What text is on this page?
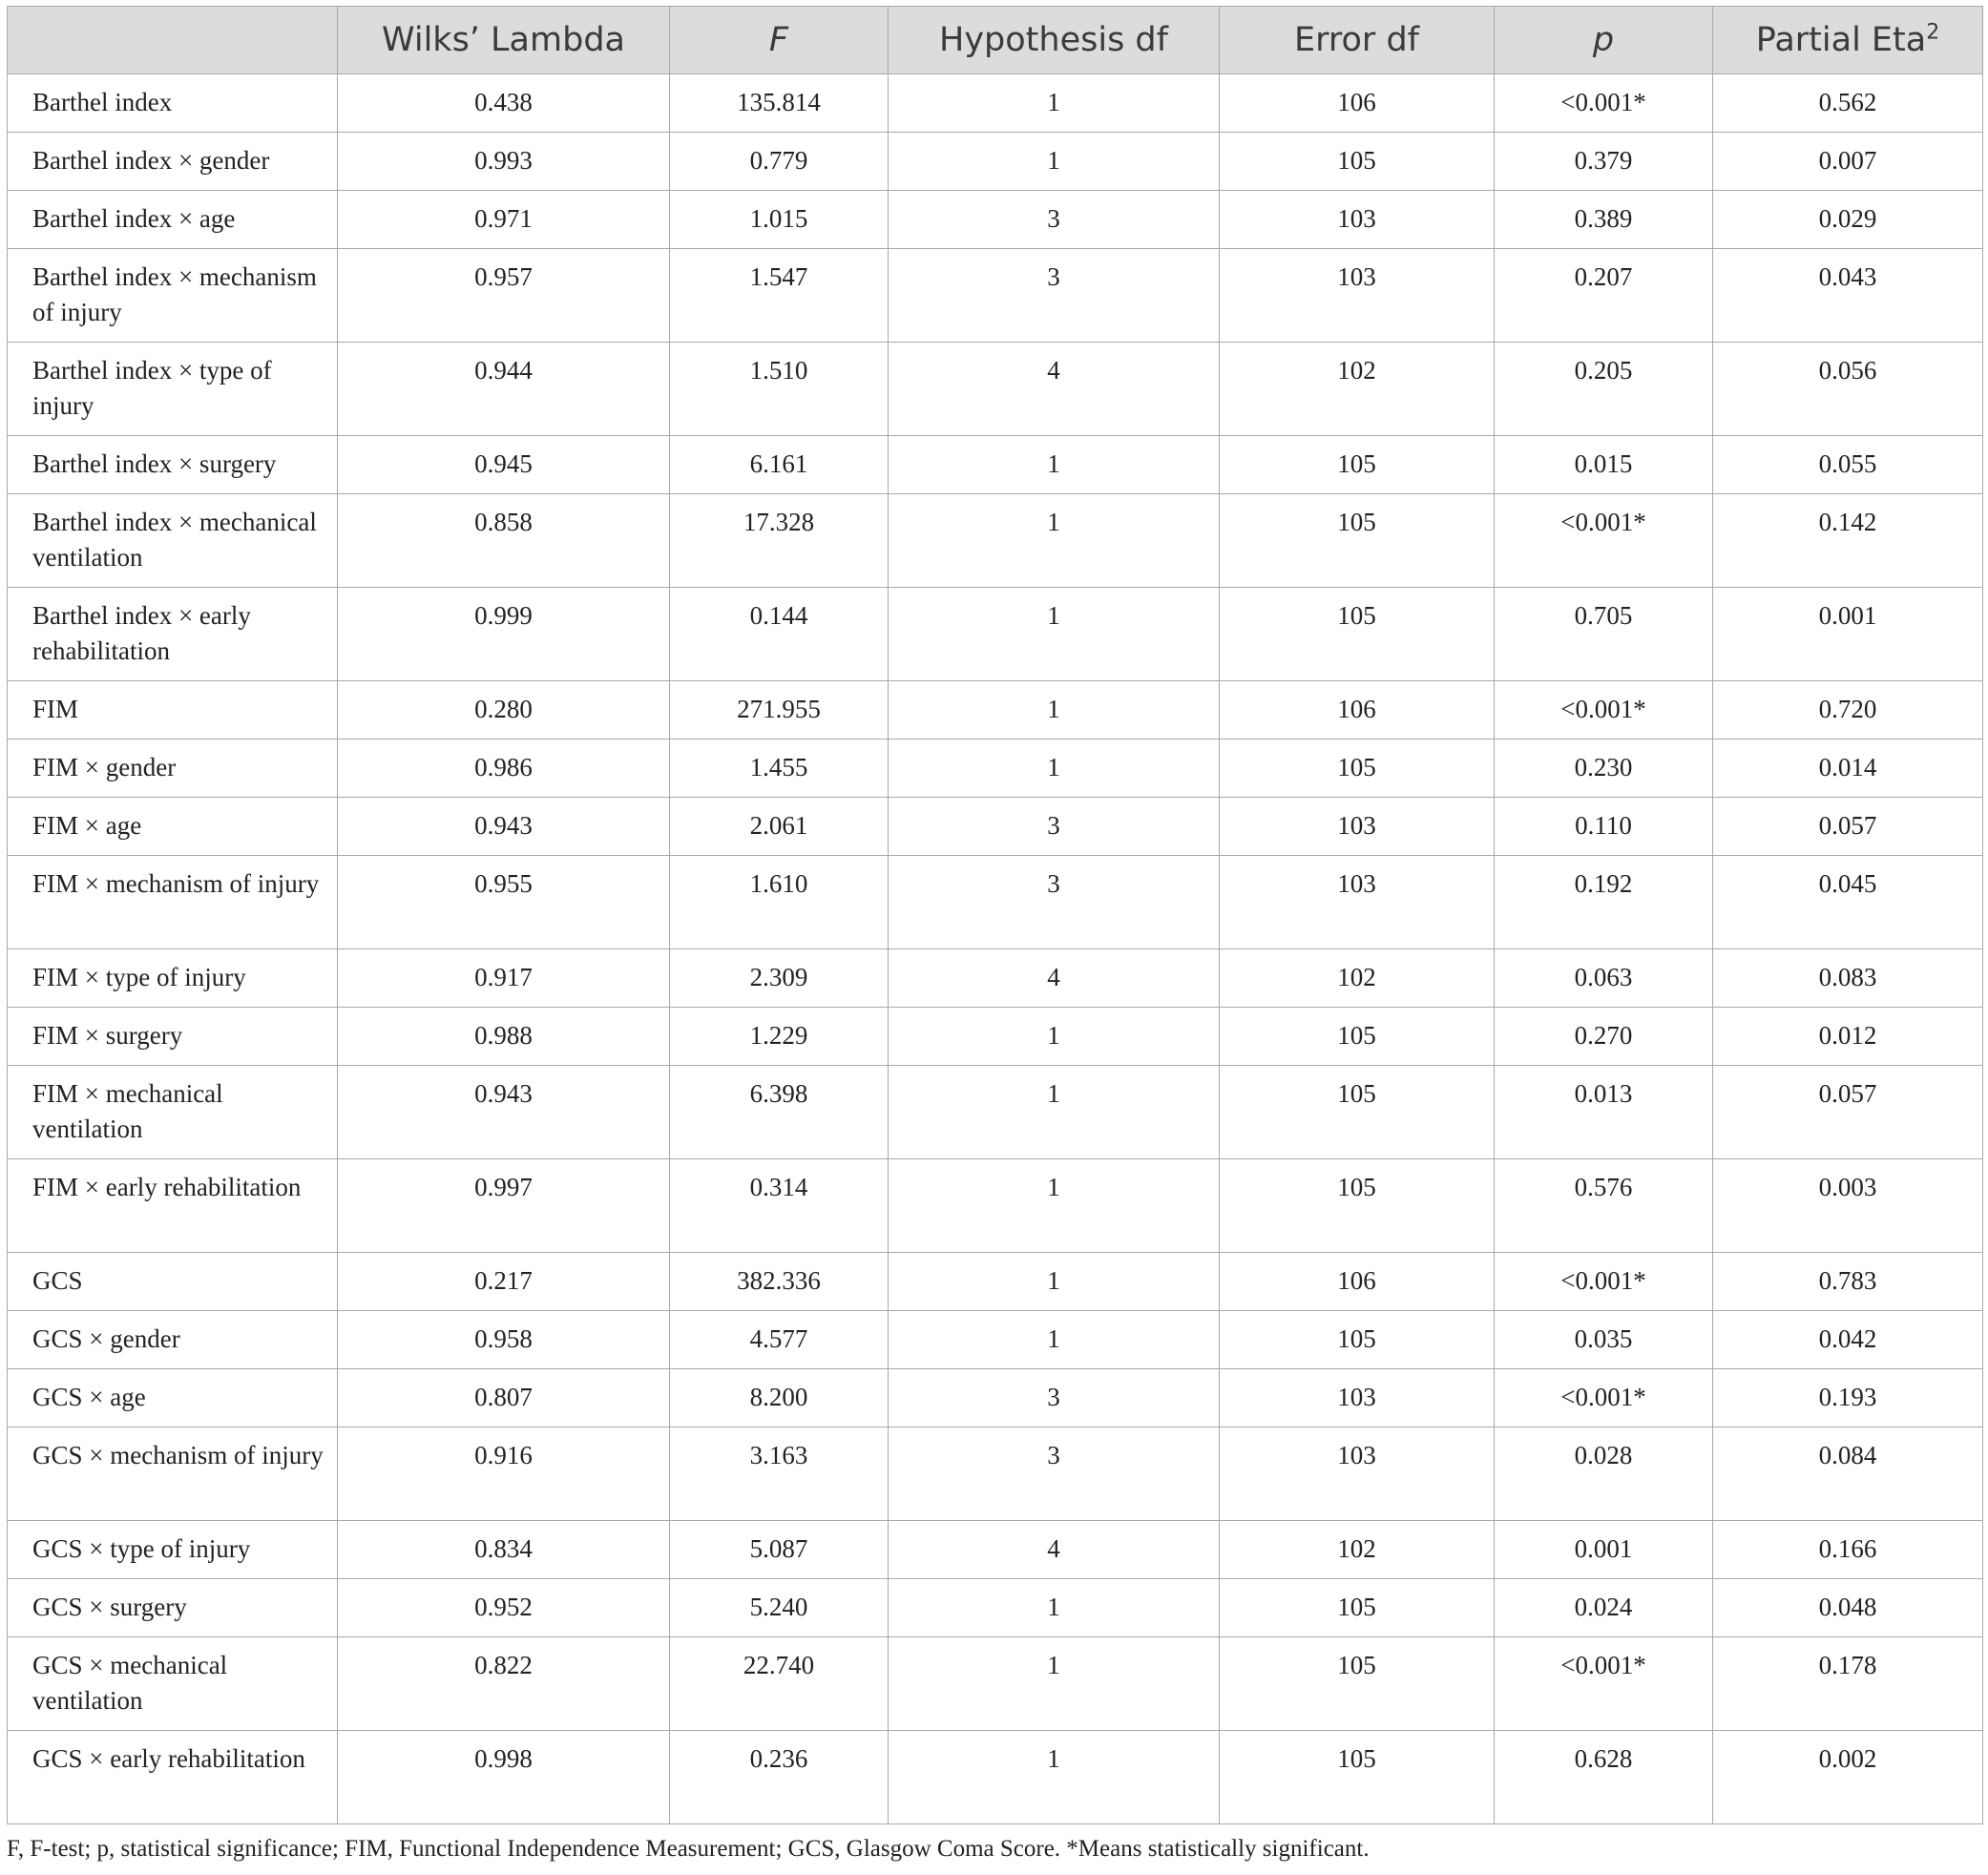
	Wilks’ Lambda	F	Hypothesis df	Error df	p	Partial Eta$^2$
Barthel index	0.438	135.814	1	106	<0.001*	0.562
Barthel index × gender	0.993	0.779	1	105	0.379	0.007
Barthel index × age	0.971	1.015	3	103	0.389	0.029
Barthel index × mechanism of injury	0.957	1.547	3	103	0.207	0.043
Barthel index × type of injury	0.944	1.510	4	102	0.205	0.056
Barthel index × surgery	0.945	6.161	1	105	0.015	0.055
Barthel index × mechanical ventilation	0.858	17.328	1	105	<0.001*	0.142
Barthel index × early rehabilitation	0.999	0.144	1	105	0.705	0.001
FIM	0.280	271.955	1	106	<0.001*	0.720
FIM × gender	0.986	1.455	1	105	0.230	0.014
FIM × age	0.943	2.061	3	103	0.110	0.057
FIM × mechanism of injury	0.955	1.610	3	103	0.192	0.045
FIM × type of injury	0.917	2.309	4	102	0.063	0.083
FIM × surgery	0.988	1.229	1	105	0.270	0.012
FIM × mechanical ventilation	0.943	6.398	1	105	0.013	0.057
FIM × early rehabilitation	0.997	0.314	1	105	0.576	0.003
GCS	0.217	382.336	1	106	<0.001*	0.783
GCS × gender	0.958	4.577	1	105	0.035	0.042
GCS × age	0.807	8.200	3	103	<0.001*	0.193
GCS × mechanism of injury	0.916	3.163	3	103	0.028	0.084
GCS × type of injury	0.834	5.087	4	102	0.001	0.166
GCS × surgery	0.952	5.240	1	105	0.024	0.048
GCS × mechanical ventilation	0.822	22.740	1	105	<0.001*	0.178
GCS × early rehabilitation	0.998	0.236	1	105	0.628	0.002
F, F-test; p, statistical significance; FIM, Functional Independence Measurement; GCS, Glasgow Coma Score. *Means statistically significant.
